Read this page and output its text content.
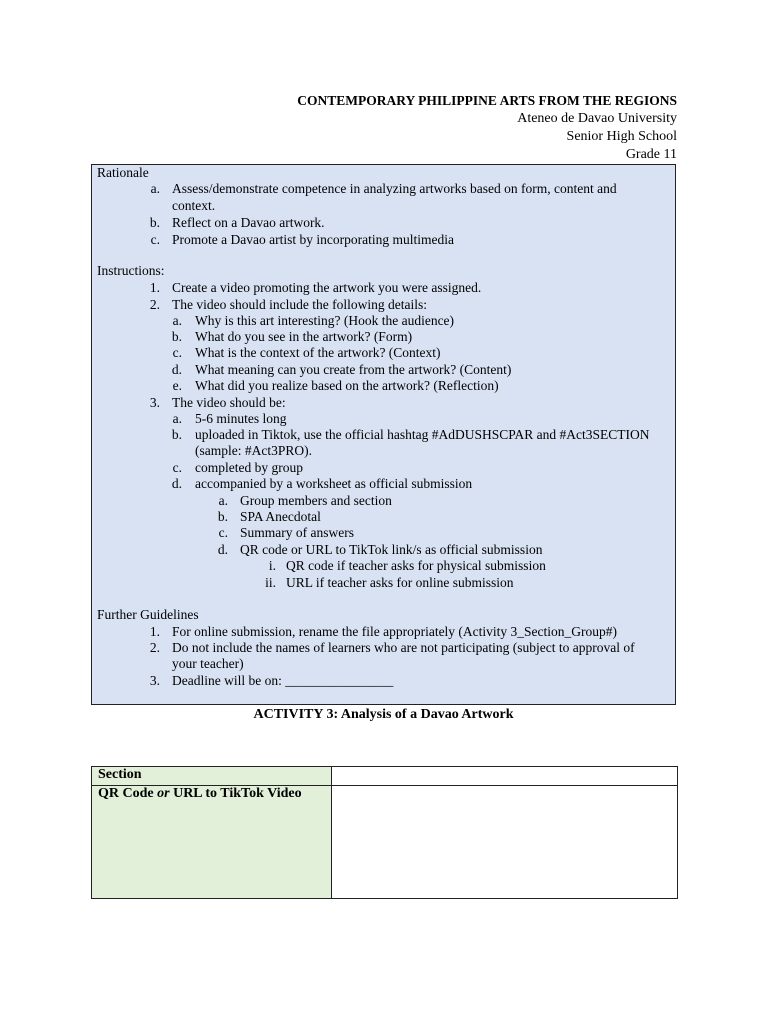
CONTEMPORARY PHILIPPINE ARTS FROM THE REGIONS
Ateneo de Davao University
Senior High School
Grade 11
Rationale
a. Assess/demonstrate competence in analyzing artworks based on form, content and
context.
b. Reflect on a Davao artwork.
c. Promote a Davao artist by incorporating multimedia
Instructions:
1. Create a video promoting the artwork you were assigned.
2. The video should include the following details:
a. Why is this art interesting? (Hook the audience)
b. What do you see in the artwork? (Form)
c. What is the context of the artwork? (Context)
d. What meaning can you create from the artwork? (Content)
e. What did you realize based on the artwork? (Reflection)
3. The video should be:
a. 5-6 minutes long
b. uploaded in Tiktok, use the official hashtag #AdDUSHSCPAR and #Act3SECTION
(sample: #Act3PRO).
c. completed by group
d. accompanied by a worksheet as official submission
a. Group members and section
b. SPA Anecdotal
c. Summary of answers
d. QR code or URL to TikTok link/s as official submission
i. QR code if teacher asks for physical submission
ii. URL if teacher asks for online submission
Further Guidelines
1. For online submission, rename the file appropriately (Activity 3_Section_Group#)
2. Do not include the names of learners who are not participating (subject to approval of
your teacher)
3. Deadline will be on: ________________
ACTIVITY 3: Analysis of a Davao Artwork
Section	
QR Code or URL to TikTok Video	
